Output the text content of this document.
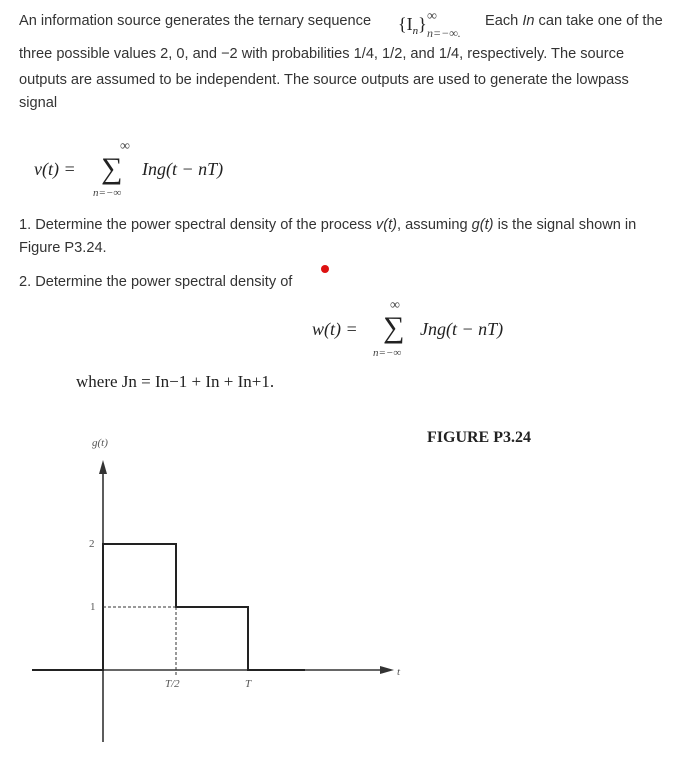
An information source generates the ternary sequence	$\{I_n\}$ ∞
n=−∞.
Each In can take one of the
three possible values 2, 0, and −2 with probabilities 1/4, 1/2, and 1/4, respectively. The source
outputs are assumed to be independent. The source outputs are used to generate the lowpass
signal
v(t) =
∞
∑
n=−∞
Ing(t − nT)
1. Determine the power spectral density of the process v(t), assuming g(t) is the signal shown in
Figure P3.24.
2. Determine the power spectral density of
w(t) =
∞
∑
n=−∞
Jng(t − nT)
where Jn = In−1 + In + In+1.
FIGURE P3.24
g(t)
2
1
T/2	T
t
